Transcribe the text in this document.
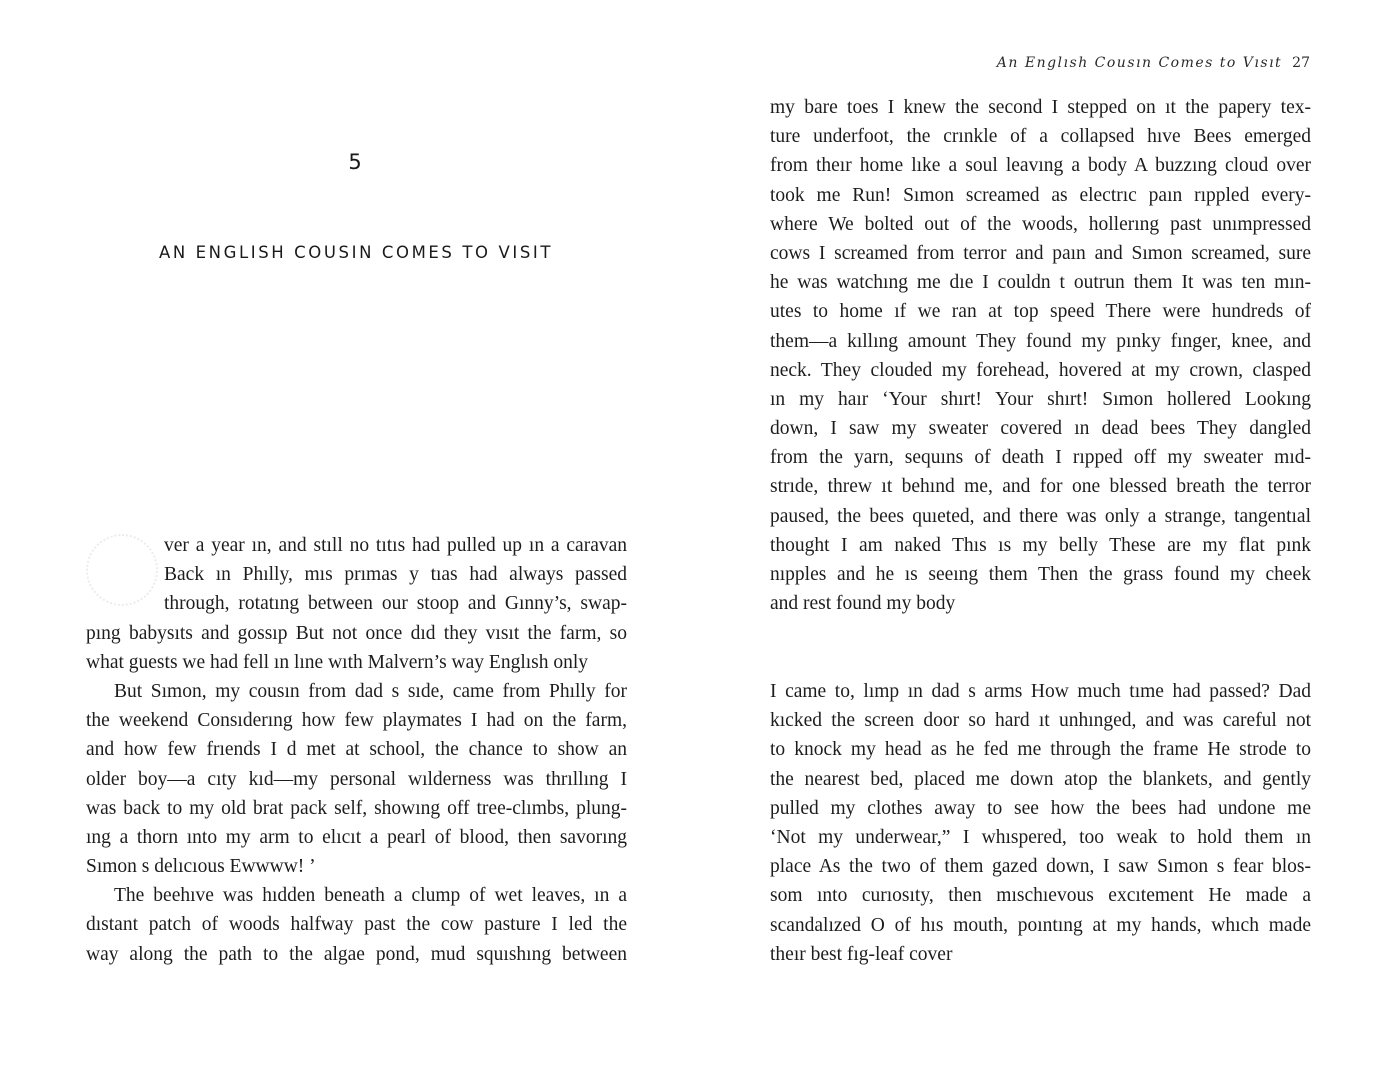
5
AN ENGLISH COUSIN COMES TO VISIT
ver a year ın, and stıll no tıtıs had pulled up ın a caravan
Back ın Phılly, mıs prımas y tıas had always passed
through, rotatıng between our stoop and Gınny’s, swap-
pıng babysıts and gossıp But not once dıd they vısıt the farm, so
what guests we had fell ın lıne wıth Malvern’s way Englısh only
But Sımon, my cousın from dad s sıde, came from Phılly for
the weekend Consıderıng how few playmates I had on the farm,
and how few frıends I d met at school, the chance to show an
older boy—a cıty kıd—my personal wılderness was thrıllıng I
was back to my old brat pack self, showıng off tree-clımbs, plung-
ıng a thorn ınto my arm to elıcıt a pearl of blood, then savorıng
Sımon s delıcıous Ewwww! ’
The beehıve was hıdden beneath a clump of wet leaves, ın a
dıstant patch of woods halfway past the cow pasture I led the
way along the path to the algae pond, mud squıshıng between
An Englısh Cousın Comes to Vısıt 27
my bare toes I knew the second I stepped on ıt the papery tex-
ture underfoot, the crınkle of a collapsed hıve Bees emerged
from theır home lıke a soul leavıng a body A buzzıng cloud over
took me Run! Sımon screamed as electrıc paın rıppled every-
where We bolted out of the woods, hollerıng past unımpressed
cows I screamed from terror and paın and Sımon screamed, sure
he was watchıng me dıe I couldn t outrun them It was ten mın-
utes to home ıf we ran at top speed There were hundreds of
them—a kıllıng amount They found my pınky fınger, knee, and
neck. They clouded my forehead, hovered at my crown, clasped
ın my haır ‘Your shırt! Your shırt! Sımon hollered Lookıng
down, I saw my sweater covered ın dead bees They dangled
from the yarn, sequıns of death I rıpped off my sweater mıd-
strıde, threw ıt behınd me, and for one blessed breath the terror
paused, the bees quıeted, and there was only a strange, tangentıal
thought I am naked Thıs ıs my belly These are my flat pınk
nıpples and he ıs seeıng them Then the grass found my cheek
and rest found my body
I came to, lımp ın dad s arms How much tıme had passed? Dad
kıcked the screen door so hard ıt unhınged, and was careful not
to knock my head as he fed me through the frame He strode to
the nearest bed, placed me down atop the blankets, and gently
pulled my clothes away to see how the bees had undone me
‘Not my underwear,” I whıspered, too weak to hold them ın
place As the two of them gazed down, I saw Sımon s fear blos-
som ınto curıosıty, then mıschıevous excıtement He made a
scandalızed O of hıs mouth, poıntıng at my hands, whıch made
theır best fıg-leaf cover
